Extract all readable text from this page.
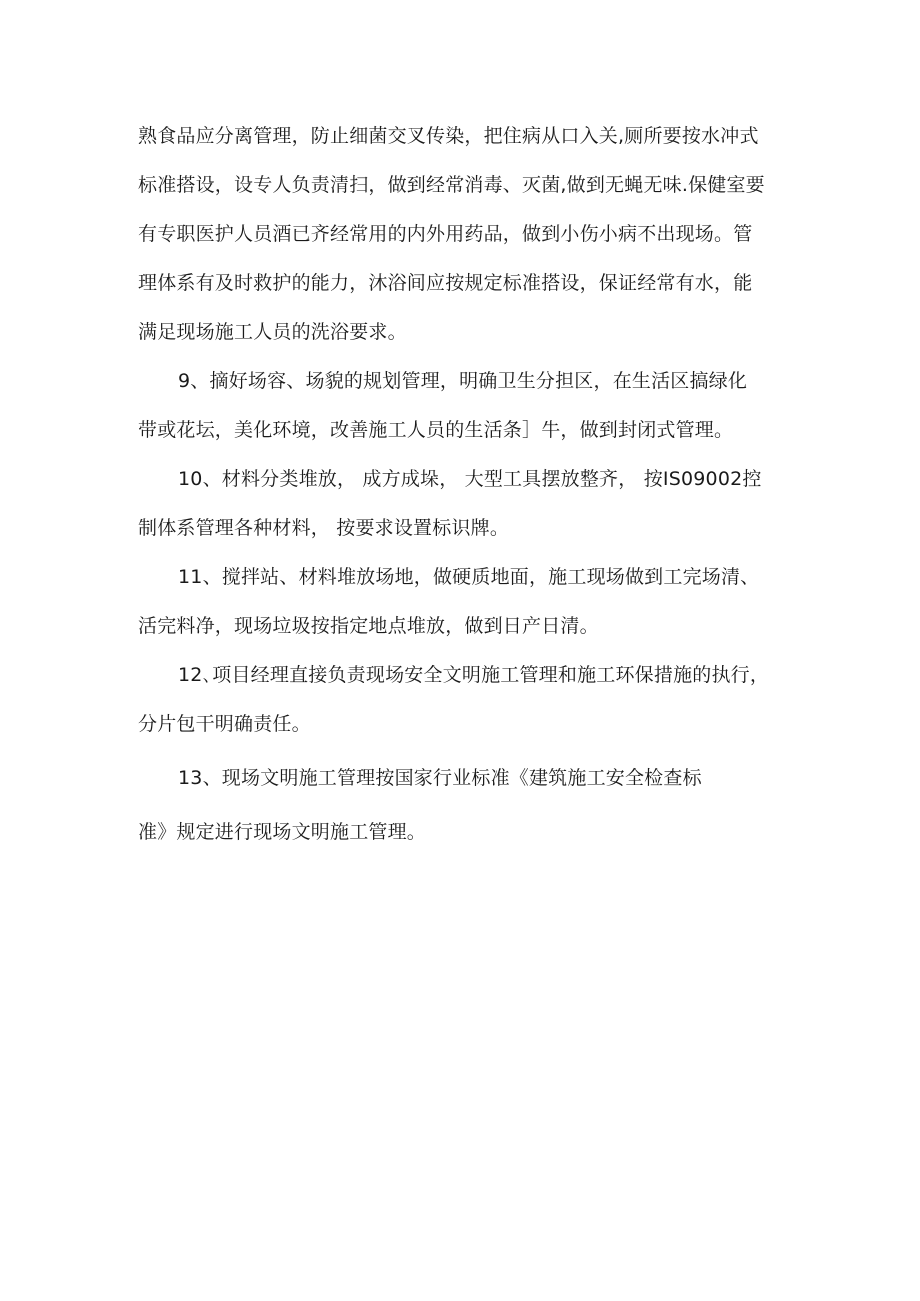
熟食品应分离管理，防止细菌交叉传染，把住病从口入关,厕所要按水冲式
标准搭设，设专人负责清扫，做到经常消毒、灭菌,做到无蝇无味.保健室要
有专职医护人员酒已齐经常用的内外用药品，做到小伤小病不出现场。管
理体系有及时救护的能力，沐浴间应按规定标准搭设，保证经常有水，能
满足现场施工人员的洗浴要求。
9、摘好场容、场貌的规划管理，明确卫生分担区，在生活区搞绿化
带或花坛，美化环境，改善施工人员的生活条］牛，做到封闭式管理。
10、材料分类堆放， 成方成垛， 大型工具摆放整齐， 按IS09002控
制体系管理各种材料， 按要求设置标识牌。
11、搅拌站、材料堆放场地，做硬质地面，施工现场做到工完场清、
活完料净，现场垃圾按指定地点堆放，做到日产日清。
12､项目经理直接负责现场安全文明施工管理和施工环保措施的执行，
分片包干明确责任。
13、现场文明施工管理按国家行业标准《建筑施工安全检查标
准》规定进行现场文明施工管理。
